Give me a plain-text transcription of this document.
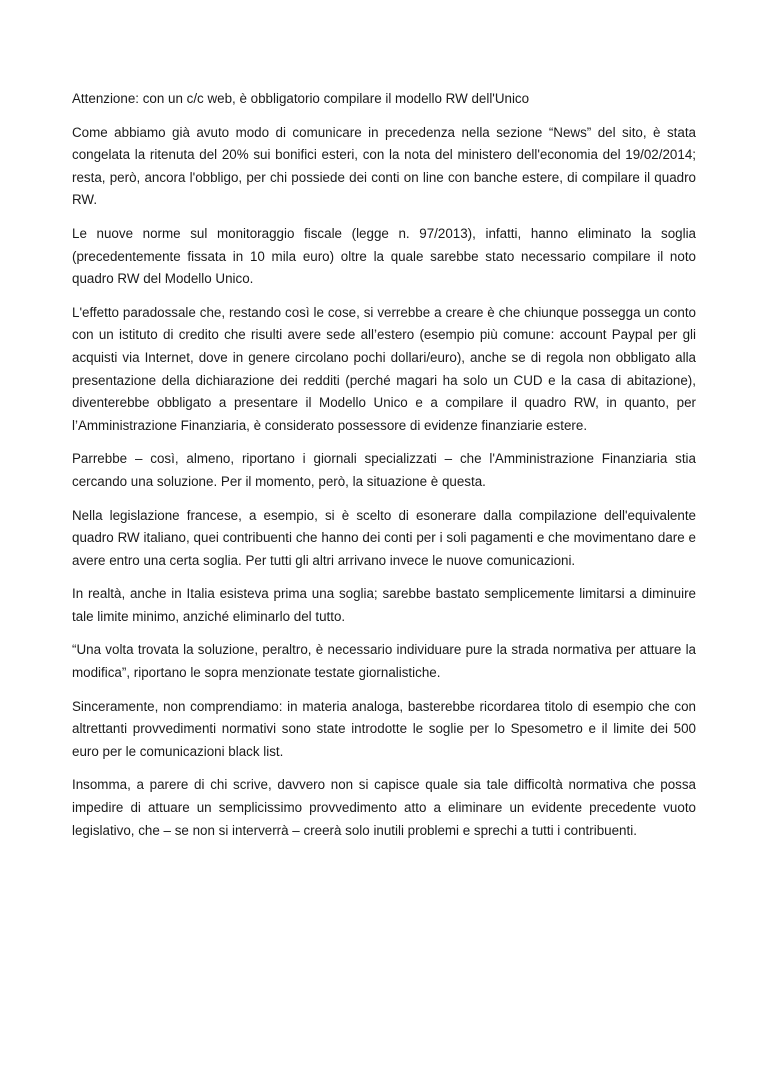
Attenzione: con un c/c web, è obbligatorio compilare il modello RW dell'Unico

Come abbiamo già avuto modo di comunicare in precedenza nella sezione “News” del sito, è stata congelata la ritenuta del 20% sui bonifici esteri, con la nota del ministero dell'economia del 19/02/2014; resta, però, ancora l'obbligo, per chi possiede dei conti on line con banche estere, di compilare il quadro RW.

Le nuove norme sul monitoraggio fiscale (legge n. 97/2013), infatti, hanno eliminato la soglia (precedentemente fissata in 10 mila euro) oltre la quale sarebbe stato necessario compilare il noto quadro RW del Modello Unico.

L'effetto paradossale che, restando così le cose, si verrebbe a creare è che chiunque possegga un conto con un istituto di credito che risulti avere sede all’estero (esempio più comune: account Paypal per gli acquisti via Internet, dove in genere circolano pochi dollari/euro), anche se di regola non obbligato alla presentazione della dichiarazione dei redditi (perché magari ha solo un CUD e la casa di abitazione), diventerebbe obbligato a presentare il Modello Unico e a compilare il quadro RW, in quanto, per l’Amministrazione Finanziaria, è considerato possessore di evidenze finanziarie estere.

Parrebbe – così, almeno, riportano i giornali specializzati – che l'Amministrazione Finanziaria stia cercando una soluzione. Per il momento, però, la situazione è questa.

Nella legislazione francese, a esempio, si è scelto di esonerare dalla compilazione dell'equivalente quadro RW italiano, quei contribuenti che hanno dei conti per i soli pagamenti e che movimentano dare e avere entro una certa soglia. Per tutti gli altri arrivano invece le nuove comunicazioni.

In realtà, anche in Italia esisteva prima una soglia; sarebbe bastato semplicemente limitarsi a diminuire tale limite minimo, anziché eliminarlo del tutto.

“Una volta trovata la soluzione, peraltro, è necessario individuare pure la strada normativa per attuare la modifica”, riportano le sopra menzionate testate giornalistiche.

Sinceramente, non comprendiamo: in materia analoga, basterebbe ricordarea titolo di esempio che con altrettanti provvedimenti normativi sono state introdotte le soglie per lo Spesometro e il limite dei 500 euro per le comunicazioni black list.

Insomma, a parere di chi scrive, davvero non si capisce quale sia tale difficoltà normativa che possa impedire di attuare un semplicissimo provvedimento atto a eliminare un evidente precedente vuoto legislativo, che – se non si interverrà – creerà solo inutili problemi e sprechi a tutti i contribuenti.
